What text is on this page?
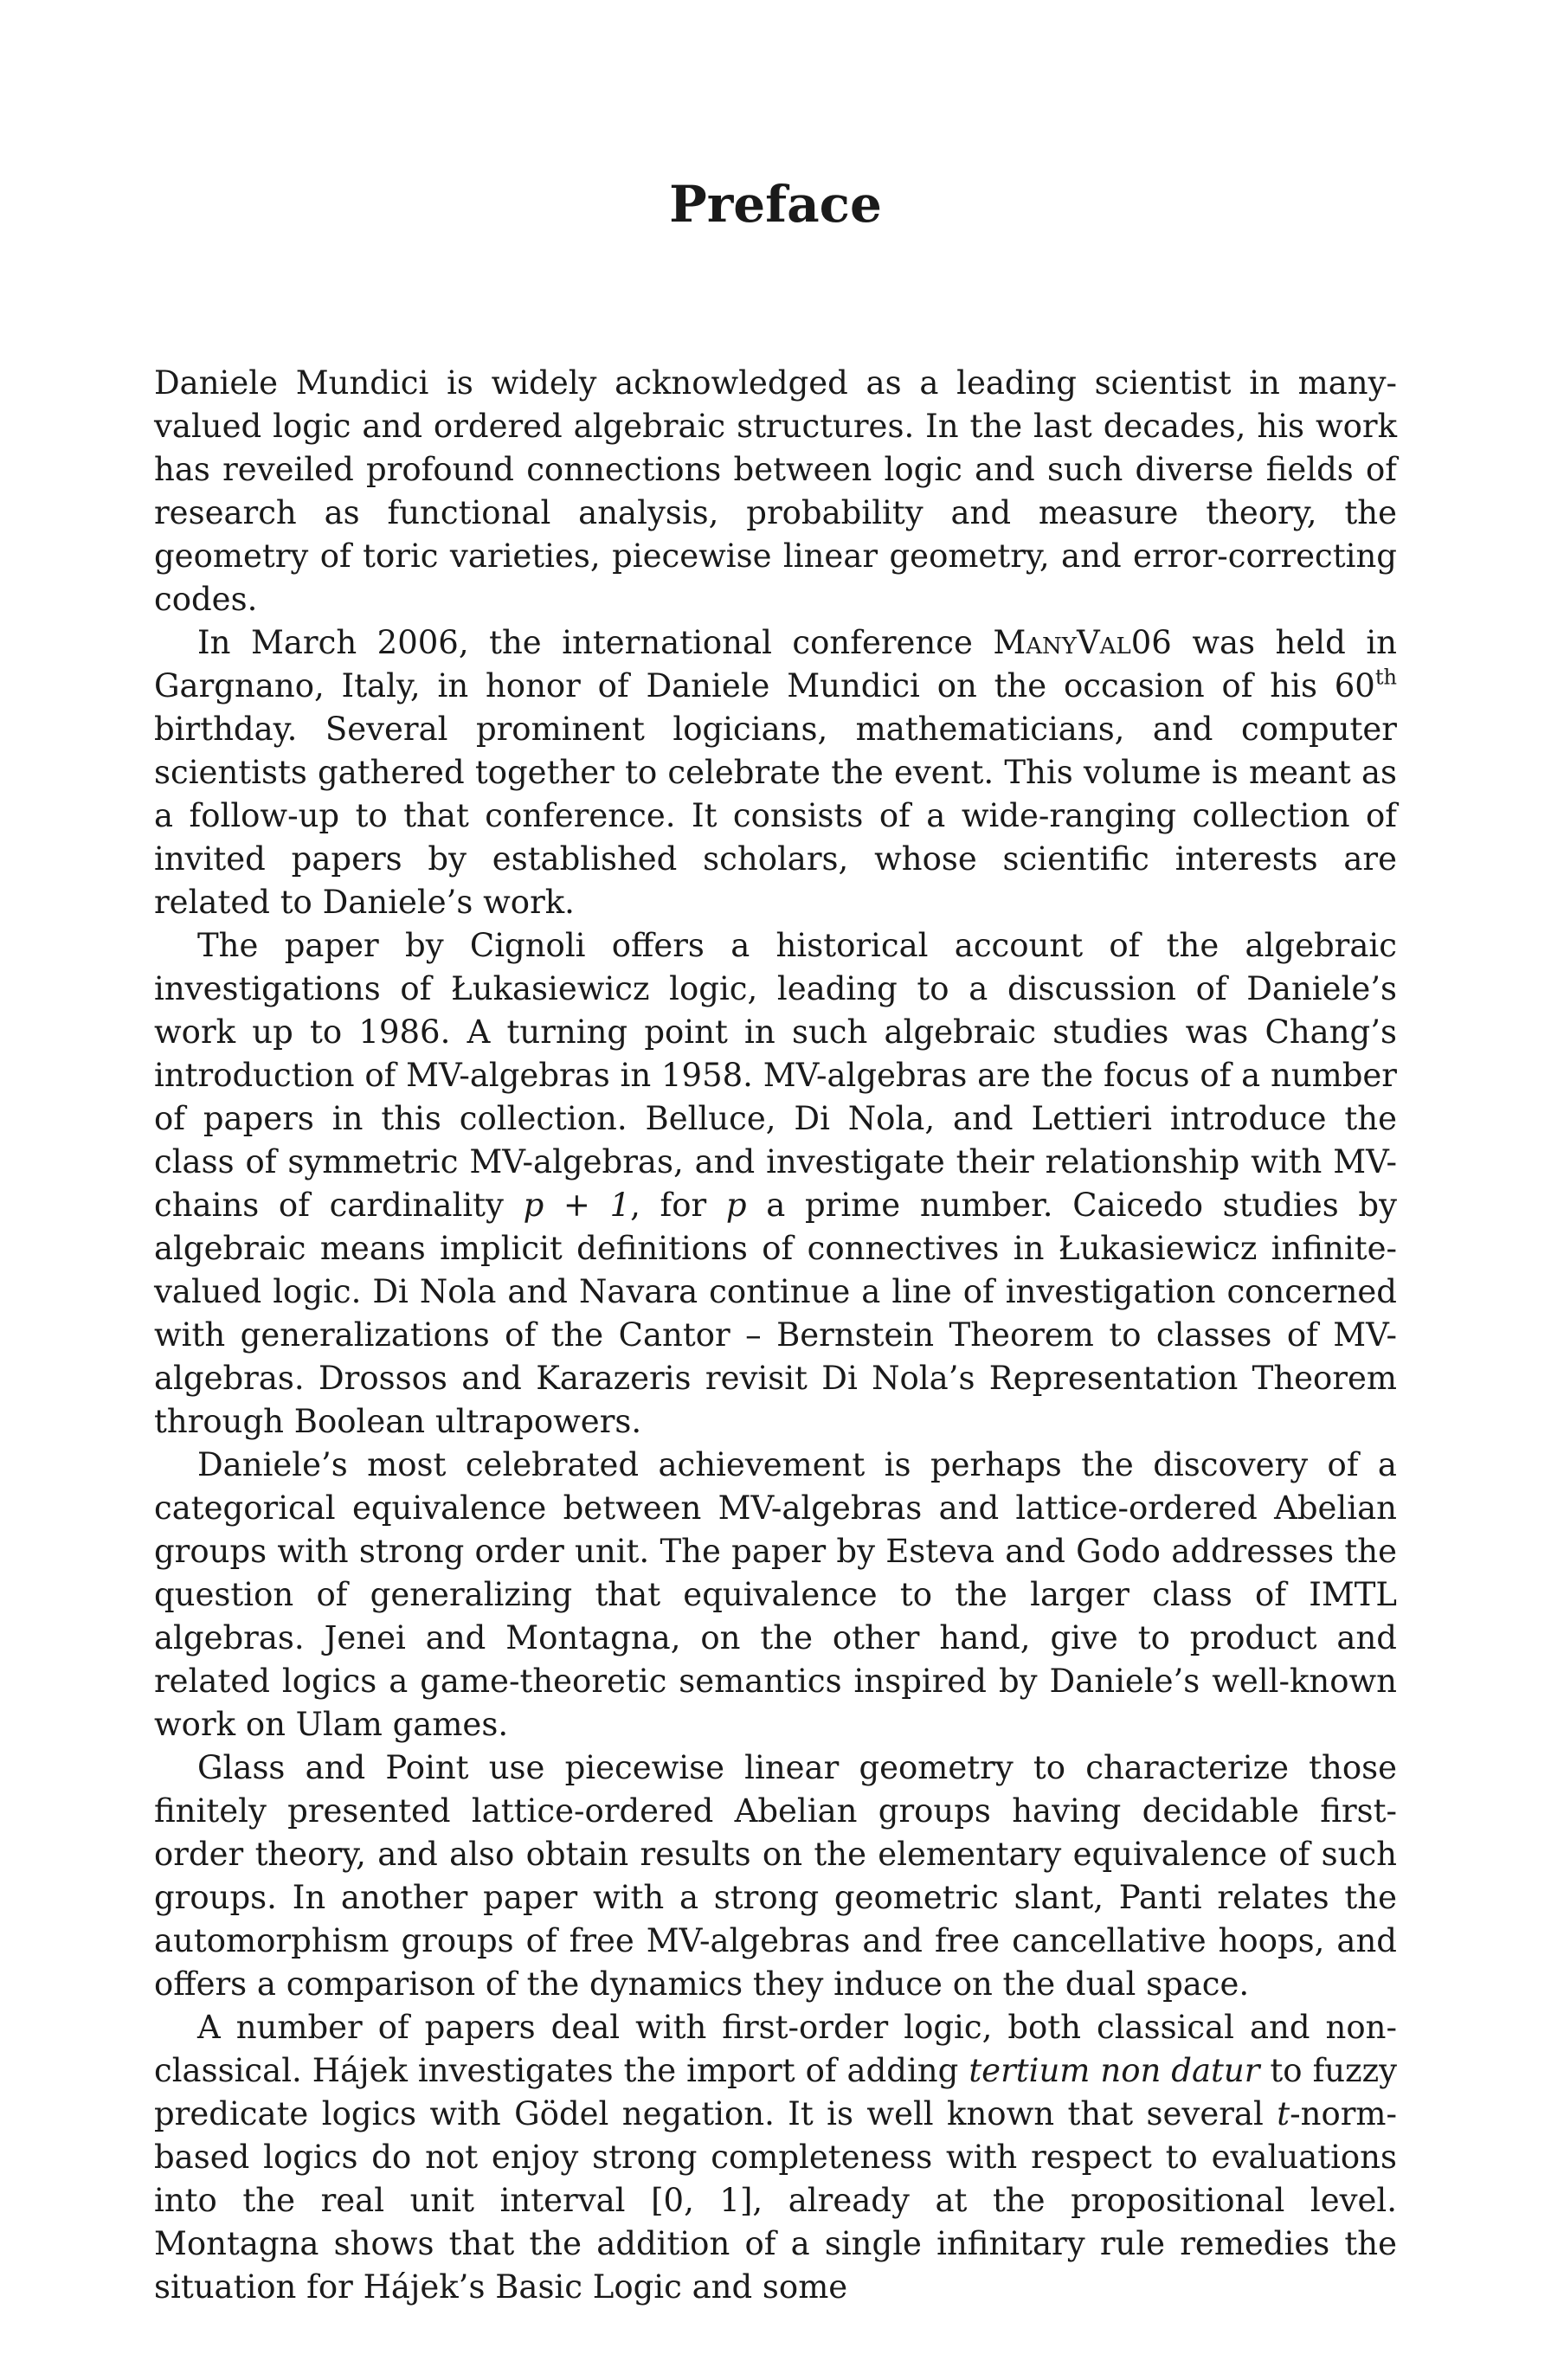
Preface

Daniele Mundici is widely acknowledged as a leading scientist in many-valued logic and ordered algebraic structures. In the last decades, his work has reveiled profound connections between logic and such diverse fields of research as functional analysis, probability and measure theory, the geometry of toric varieties, piecewise linear geometry, and error-correcting codes.

In March 2006, the international conference ManyVal06 was held in Gargnano, Italy, in honor of Daniele Mundici on the occasion of his 60th birthday. Several prominent logicians, mathematicians, and computer scientists gathered together to celebrate the event. This volume is meant as a follow-up to that conference. It consists of a wide-ranging collection of invited papers by established scholars, whose scientific interests are related to Daniele’s work.

The paper by Cignoli offers a historical account of the algebraic investigations of Łukasiewicz logic, leading to a discussion of Daniele’s work up to 1986. A turning point in such algebraic studies was Chang’s introduction of MV-algebras in 1958. MV-algebras are the focus of a number of papers in this collection. Belluce, Di Nola, and Lettieri introduce the class of symmetric MV-algebras, and investigate their relationship with MV-chains of cardinality p + 1, for p a prime number. Caicedo studies by algebraic means implicit definitions of connectives in Łukasiewicz infinite-valued logic. Di Nola and Navara continue a line of investigation concerned with generalizations of the Cantor – Bernstein Theorem to classes of MV-algebras. Drossos and Karazeris revisit Di Nola’s Representation Theorem through Boolean ultrapowers.

Daniele’s most celebrated achievement is perhaps the discovery of a categorical equivalence between MV-algebras and lattice-ordered Abelian groups with strong order unit. The paper by Esteva and Godo addresses the question of generalizing that equivalence to the larger class of IMTL algebras. Jenei and Montagna, on the other hand, give to product and related logics a game-theoretic semantics inspired by Daniele’s well-known work on Ulam games.

Glass and Point use piecewise linear geometry to characterize those finitely presented lattice-ordered Abelian groups having decidable first-order theory, and also obtain results on the elementary equivalence of such groups. In another paper with a strong geometric slant, Panti relates the automorphism groups of free MV-algebras and free cancellative hoops, and offers a comparison of the dynamics they induce on the dual space.

A number of papers deal with first-order logic, both classical and non-classical. Hájek investigates the import of adding tertium non datur to fuzzy predicate logics with Gödel negation. It is well known that several t-norm-based logics do not enjoy strong completeness with respect to evaluations into the real unit interval [0, 1], already at the propositional level. Montagna shows that the addition of a single infinitary rule remedies the situation for Hájek’s Basic Logic and some
